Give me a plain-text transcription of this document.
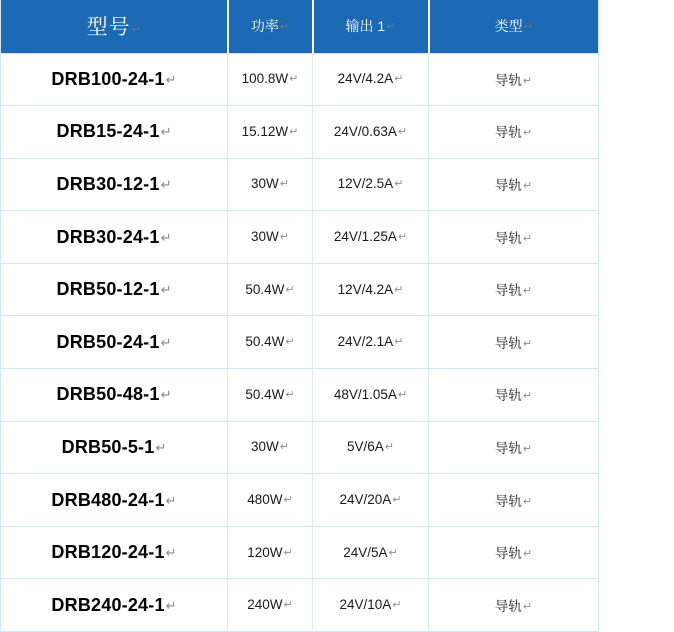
型号↵	功率↵	输出 1↵	类型↵
DRB100-24-1↵	100.8W↵	24V/4.2A↵	导轨↵
DRB15-24-1↵	15.12W↵	24V/0.63A↵	导轨↵
DRB30-12-1↵	30W↵	12V/2.5A↵	导轨↵
DRB30-24-1↵	30W↵	24V/1.25A↵	导轨↵
DRB50-12-1↵	50.4W↵	12V/4.2A↵	导轨↵
DRB50-24-1↵	50.4W↵	24V/2.1A↵	导轨↵
DRB50-48-1↵	50.4W↵	48V/1.05A↵	导轨↵
DRB50-5-1↵	30W↵	5V/6A↵	导轨↵
DRB480-24-1↵	480W↵	24V/20A↵	导轨↵
DRB120-24-1↵	120W↵	24V/5A↵	导轨↵
DRB240-24-1↵	240W↵	24V/10A↵	导轨↵
